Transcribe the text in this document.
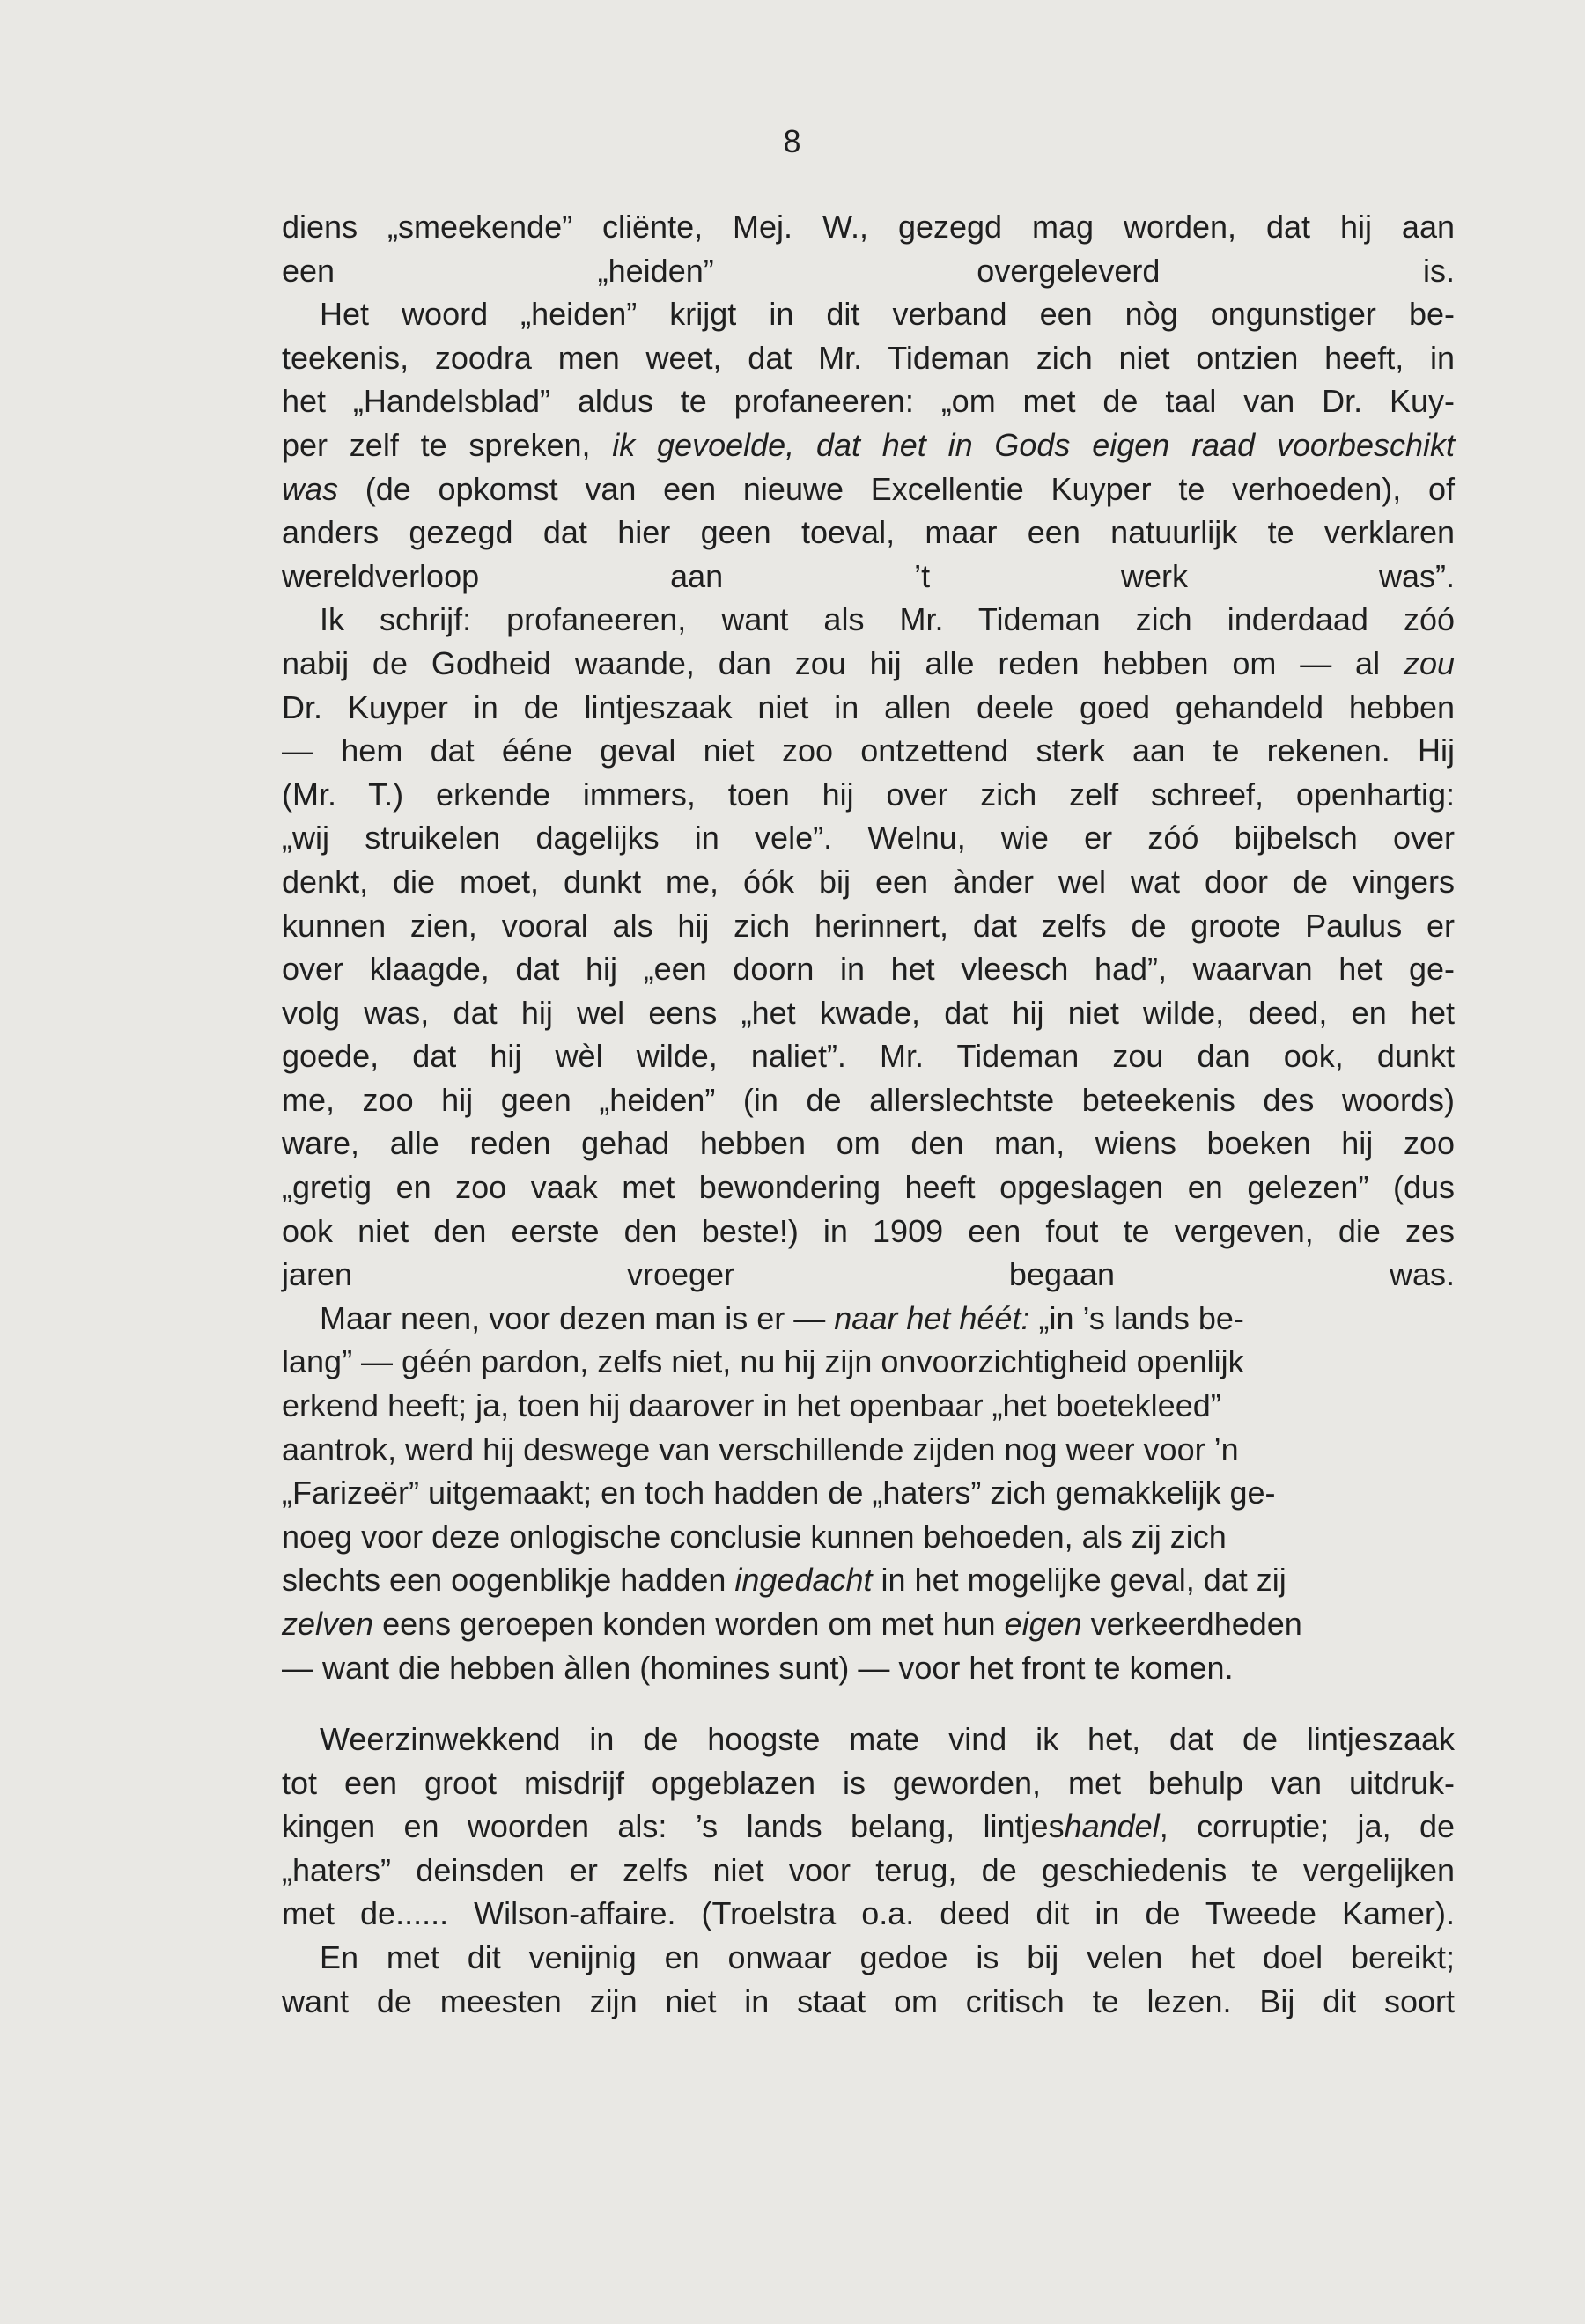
8

diens „smeekende” cliënte, Mej. W., gezegd mag worden, dat hij aan
een „heiden” overgeleverd is.

Het woord „heiden” krijgt in dit verband een nòg ongunstiger be-
teekenis, zoodra men weet, dat Mr. Tideman zich niet ontzien heeft, in
het „Handelsblad” aldus te profaneeren: „om met de taal van Dr. Kuy-
per zelf te spreken, ik gevoelde, dat het in Gods eigen raad voorbeschikt
was (de opkomst van een nieuwe Excellentie Kuyper te verhoeden), of
anders gezegd dat hier geen toeval, maar een natuurlijk te verklaren
wereldverloop aan ’t werk was”.

Ik schrijf: profaneeren, want als Mr. Tideman zich inderdaad zóó
nabij de Godheid waande, dan zou hij alle reden hebben om — al zou
Dr. Kuyper in de lintjeszaak niet in allen deele goed gehandeld hebben
— hem dat ééne geval niet zoo ontzettend sterk aan te rekenen. Hij
(Mr. T.) erkende immers, toen hij over zich zelf schreef, openhartig:
„wij struikelen dagelijks in vele”. Welnu, wie er zóó bijbelsch over
denkt, die moet, dunkt me, óók bij een ànder wel wat door de vingers
kunnen zien, vooral als hij zich herinnert, dat zelfs de groote Paulus er
over klaagde, dat hij „een doorn in het vleesch had”, waarvan het ge-
volg was, dat hij wel eens „het kwade, dat hij niet wilde, deed, en het
goede, dat hij wèl wilde, naliet”. Mr. Tideman zou dan ook, dunkt
me, zoo hij geen „heiden” (in de allerslechtste beteekenis des woords)
ware, alle reden gehad hebben om den man, wiens boeken hij zoo
„gretig en zoo vaak met bewondering heeft opgeslagen en gelezen” (dus
ook niet den eerste den beste!) in 1909 een fout te vergeven, die zes
jaren vroeger begaan was.

Maar neen, voor dezen man is er — naar het héét: „in ’s lands be-
lang” — géén pardon, zelfs niet, nu hij zijn onvoorzichtigheid openlijk
erkend heeft; ja, toen hij daarover in het openbaar „het boetekleed”
aantrok, werd hij deswege van verschillende zijden nog weer voor ’n
„Farizeër” uitgemaakt; en toch hadden de „haters” zich gemakkelijk ge-
noeg voor deze onlogische conclusie kunnen behoeden, als zij zich
slechts een oogenblikje hadden ingedacht in het mogelijke geval, dat zij
zelven eens geroepen konden worden om met hun eigen verkeerdheden
— want die hebben àllen (homines sunt) — voor het front te komen.

Weerzinwekkend in de hoogste mate vind ik het, dat de lintjeszaak
tot een groot misdrijf opgeblazen is geworden, met behulp van uitdruk-
kingen en woorden als: ’s lands belang, lintjeshandel, corruptie; ja, de
„haters” deinsden er zelfs niet voor terug, de geschiedenis te vergelijken
met de...... Wilson-affaire. (Troelstra o.a. deed dit in de Tweede Kamer).

En met dit venijnig en onwaar gedoe is bij velen het doel bereikt;
want de meesten zijn niet in staat om critisch te lezen. Bij dit soort
